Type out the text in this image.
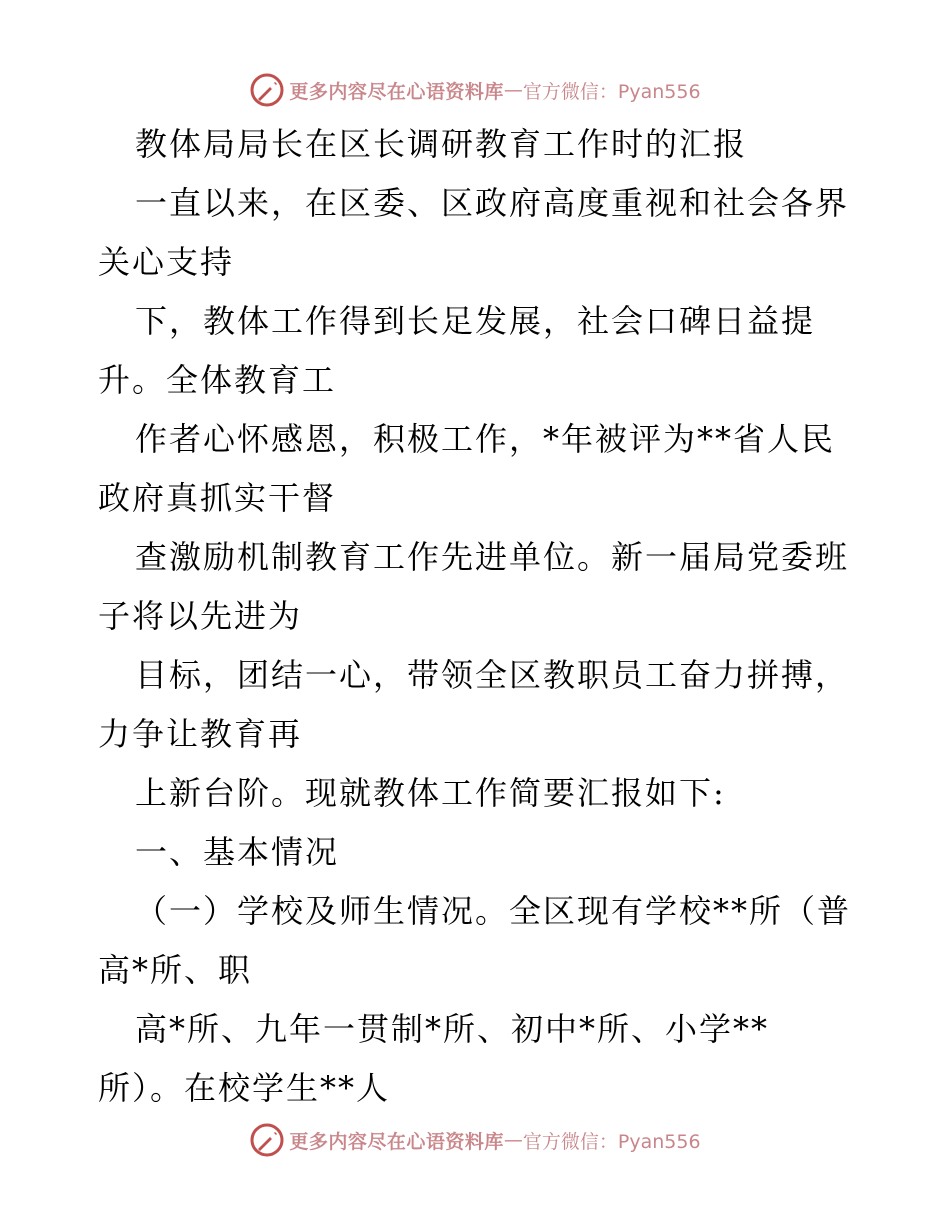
更多内容尽在心语资料库 — 官方微信：Pyan556
教体局局长在区长调研教育工作时的汇报
一直以来，在区委、区政府高度重视和社会各界
关心支持
下，教体工作得到长足发展，社会口碑日益提
升。全体教育工
作者心怀感恩，积极工作，*年被评为**省人民
政府真抓实干督
查激励机制教育工作先进单位。新一届局党委班
子将以先进为
目标，团结一心，带领全区教职员工奋力拼搏，
力争让教育再
上新台阶。现就教体工作简要汇报如下:
一、基本情况
（一）学校及师生情况。全区现有学校**所（普
高*所、职
高*所、九年一贯制*所、初中*所、小学**
所）。在校学生**人
更多内容尽在心语资料库 — 官方微信：Pyan556
